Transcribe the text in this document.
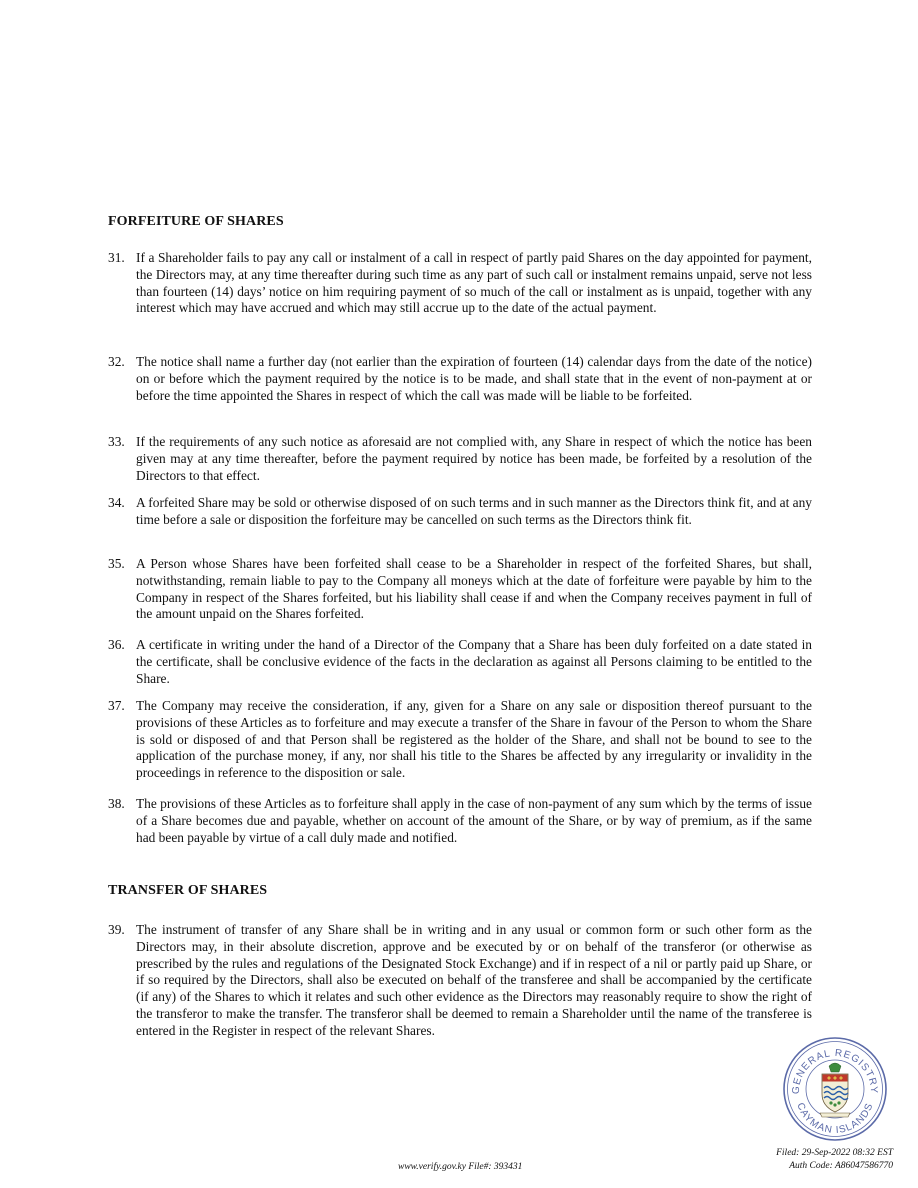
FORFEITURE OF SHARES
31. If a Shareholder fails to pay any call or instalment of a call in respect of partly paid Shares on the day appointed for payment, the Directors may, at any time thereafter during such time as any part of such call or instalment remains unpaid, serve not less than fourteen (14) days’ notice on him requiring payment of so much of the call or instalment as is unpaid, together with any interest which may have accrued and which may still accrue up to the date of the actual payment.
32. The notice shall name a further day (not earlier than the expiration of fourteen (14) calendar days from the date of the notice) on or before which the payment required by the notice is to be made, and shall state that in the event of non-payment at or before the time appointed the Shares in respect of which the call was made will be liable to be forfeited.
33. If the requirements of any such notice as aforesaid are not complied with, any Share in respect of which the notice has been given may at any time thereafter, before the payment required by notice has been made, be forfeited by a resolution of the Directors to that effect.
34. A forfeited Share may be sold or otherwise disposed of on such terms and in such manner as the Directors think fit, and at any time before a sale or disposition the forfeiture may be cancelled on such terms as the Directors think fit.
35. A Person whose Shares have been forfeited shall cease to be a Shareholder in respect of the forfeited Shares, but shall, notwithstanding, remain liable to pay to the Company all moneys which at the date of forfeiture were payable by him to the Company in respect of the Shares forfeited, but his liability shall cease if and when the Company receives payment in full of the amount unpaid on the Shares forfeited.
36. A certificate in writing under the hand of a Director of the Company that a Share has been duly forfeited on a date stated in the certificate, shall be conclusive evidence of the facts in the declaration as against all Persons claiming to be entitled to the Share.
37. The Company may receive the consideration, if any, given for a Share on any sale or disposition thereof pursuant to the provisions of these Articles as to forfeiture and may execute a transfer of the Share in favour of the Person to whom the Share is sold or disposed of and that Person shall be registered as the holder of the Share, and shall not be bound to see to the application of the purchase money, if any, nor shall his title to the Shares be affected by any irregularity or invalidity in the proceedings in reference to the disposition or sale.
38. The provisions of these Articles as to forfeiture shall apply in the case of non-payment of any sum which by the terms of issue of a Share becomes due and payable, whether on account of the amount of the Share, or by way of premium, as if the same had been payable by virtue of a call duly made and notified.
TRANSFER OF SHARES
39. The instrument of transfer of any Share shall be in writing and in any usual or common form or such other form as the Directors may, in their absolute discretion, approve and be executed by or on behalf of the transferor (or otherwise as prescribed by the rules and regulations of the Designated Stock Exchange) and if in respect of a nil or partly paid up Share, or if so required by the Directors, shall also be executed on behalf of the transferee and shall be accompanied by the certificate (if any) of the Shares to which it relates and such other evidence as the Directors may reasonably require to show the right of the transferor to make the transfer. The transferor shall be deemed to remain a Shareholder until the name of the transferee is entered in the Register in respect of the relevant Shares.
GENERAL REGISTRY
CAYMAN ISLANDS
www.verify.gov.ky File#: 393431
Filed: 29-Sep-2022 08:32 EST
Auth Code: A86047586770
